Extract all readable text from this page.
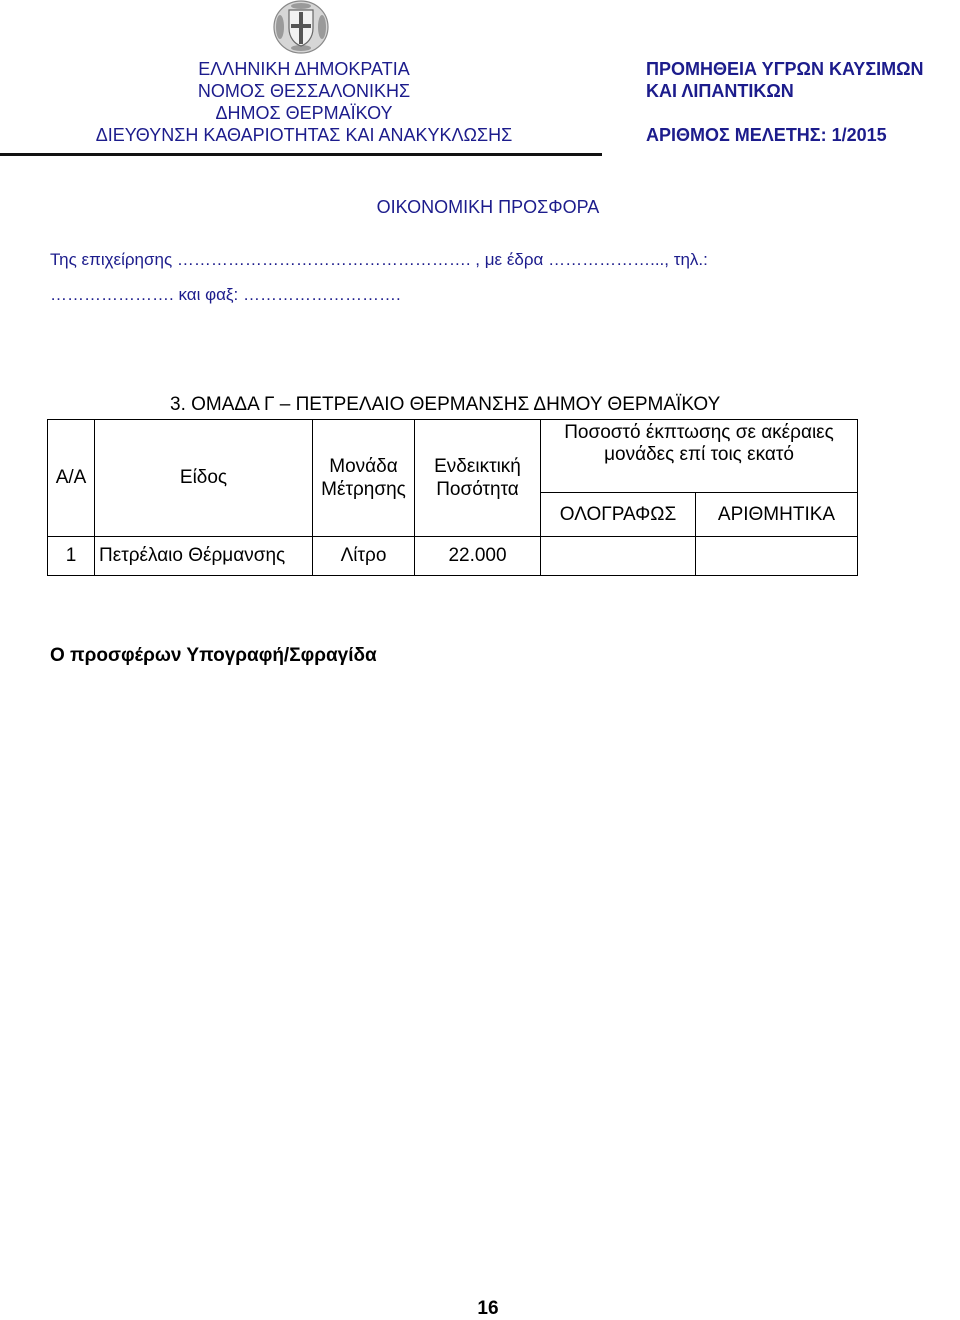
ΕΛΛΗΝΙΚΗ ΔΗΜΟΚΡΑΤΙΑ
ΝΟΜΟΣ ΘΕΣΣΑΛΟΝΙΚΗΣ
ΔΗΜΟΣ ΘΕΡΜΑΪΚΟΥ
ΔΙΕΥΘΥΝΣΗ ΚΑΘΑΡΙΟΤΗΤΑΣ ΚΑΙ ΑΝΑΚΥΚΛΩΣΗΣ
ΠΡΟΜΗΘΕΙΑ ΥΓΡΩΝ ΚΑΥΣΙΜΩΝ
ΚΑΙ ΛΙΠΑΝΤΙΚΩΝ
ΑΡΙΘΜΟΣ ΜΕΛΕΤΗΣ: 1/2015
ΟΙΚΟΝΟΜΙΚΗ ΠΡΟΣΦΟΡΑ
Της επιχείρησης ……………………………………………. , με έδρα ………………..., τηλ.:
…………………. και φαξ: ……………………….
3. ΟΜΑΔΑ Γ – ΠΕΤΡΕΛΑΙΟ ΘΕΡΜΑΝΣΗΣ ΔΗΜΟΥ ΘΕΡΜΑΪΚΟΥ
Α/Α	Είδος	Μονάδα Μέτρησης	Ενδεικτική Ποσότητα	Ποσοστό έκπτωσης σε ακέραιες μονάδες επί τοις εκατό	
				ΟΛΟΓΡΑΦΩΣ	ΑΡΙΘΜΗΤΙΚΑ
1	Πετρέλαιο Θέρμανσης	Λίτρο	22.000		
Ο προσφέρων Υπογραφή/Σφραγίδα
16
